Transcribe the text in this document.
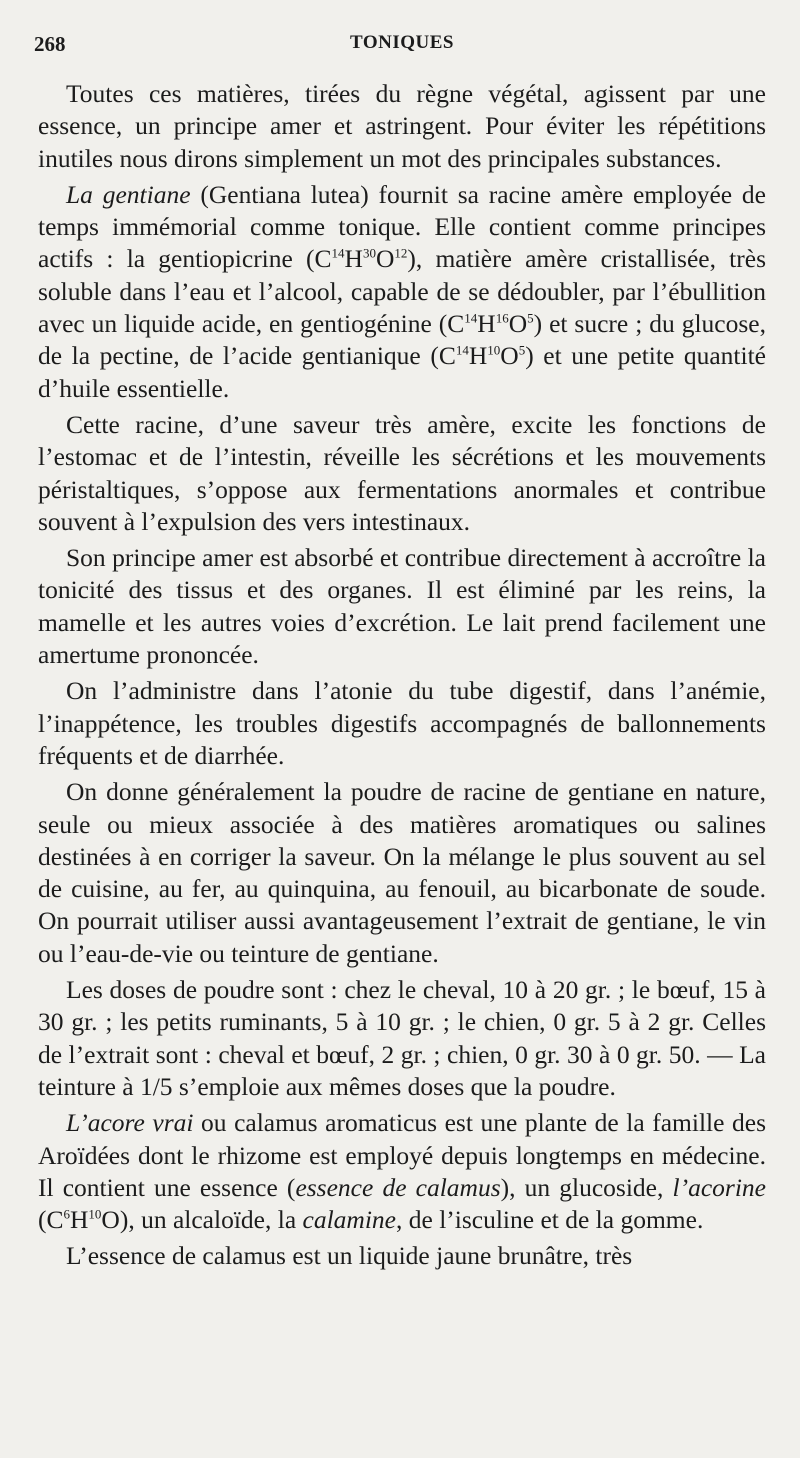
268	TONIQUES

Toutes ces matières, tirées du règne végétal, agissent par une essence, un principe amer et astringent. Pour éviter les répétitions inutiles nous dirons simplement un mot des principales substances.

La gentiane (Gentiana lutea) fournit sa racine amère employée de temps immémorial comme tonique. Elle contient comme principes actifs : la gentiopicrine $(C^{14}H^{30}O^{12})$, matière amère cristallisée, très soluble dans l’eau et l’alcool, capable de se dédoubler, par l’ébullition avec un liquide acide, en gentiogénine $(C^{14}H^{16}O^5)$ et sucre ; du glucose, de la pectine, de l’acide gentianique $(C^{14}H^{10}O^5)$ et une petite quantité d’huile essentielle.

Cette racine, d’une saveur très amère, excite les fonctions de l’estomac et de l’intestin, réveille les sécrétions et les mouvements péristaltiques, s’oppose aux fermentations anormales et contribue souvent à l’expulsion des vers intestinaux.

Son principe amer est absorbé et contribue directement à accroître la tonicité des tissus et des organes. Il est éliminé par les reins, la mamelle et les autres voies d’excrétion. Le lait prend facilement une amertume prononcée.

On l’administre dans l’atonie du tube digestif, dans l’anémie, l’inappétence, les troubles digestifs accompagnés de ballonnements fréquents et de diarrhée.

On donne généralement la poudre de racine de gentiane en nature, seule ou mieux associée à des matières aromatiques ou salines destinées à en corriger la saveur. On la mélange le plus souvent au sel de cuisine, au fer, au quinquina, au fenouil, au bicarbonate de soude. On pourrait utiliser aussi avantageusement l’extrait de gentiane, le vin ou l’eau-de-vie ou teinture de gentiane.

Les doses de poudre sont : chez le cheval, 10 à 20 gr. ; le bœuf, 15 à 30 gr. ; les petits ruminants, 5 à 10 gr. ; le chien, 0 gr. 5 à 2 gr. Celles de l’extrait sont : cheval et bœuf, 2 gr. ; chien, 0 gr. 30 à 0 gr. 50. — La teinture à 1/5 s’emploie aux mêmes doses que la poudre.

L’acore vrai ou calamus aromaticus est une plante de la famille des Aroïdées dont le rhizome est employé depuis longtemps en médecine. Il contient une essence (essence de calamus), un glucoside, l’acorine $(C^6H^{10}O)$, un alcaloïde, la calamine, de l’isculine et de la gomme.

L’essence de calamus est un liquide jaune brunâtre, très
